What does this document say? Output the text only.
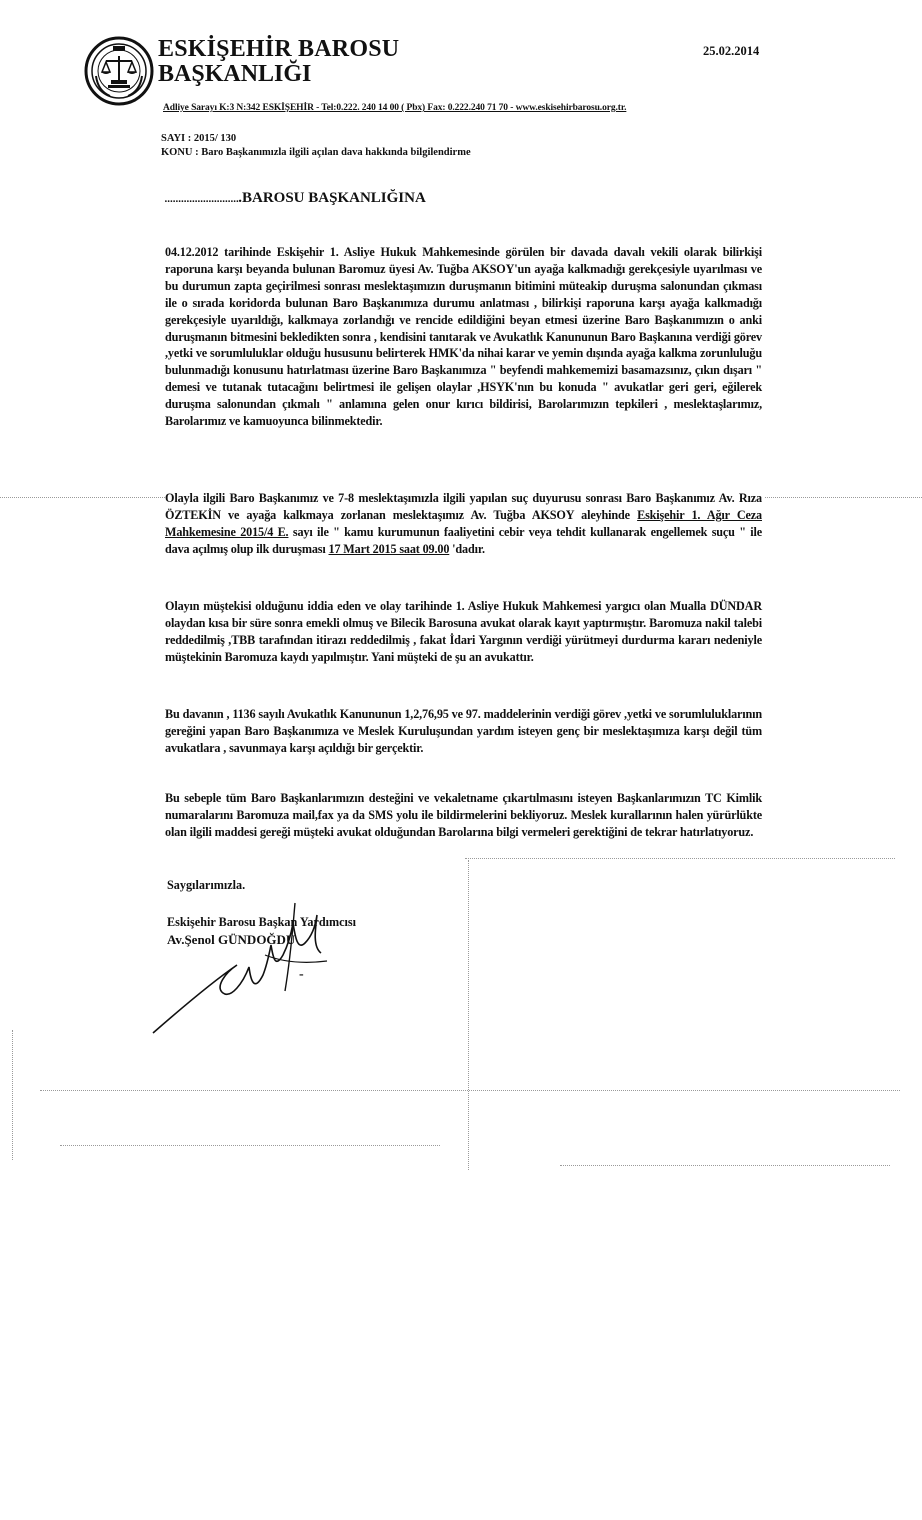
ESKİŞEHİR BAROSU
BAŞKANLIĞI
25.02.2014
Adliye Sarayı K:3 N:342 ESKİŞEHİR - Tel:0.222. 240 14 00 ( Pbx) Fax: 0.222.240 71 70 - www.eskisehirbarosu.org.tr.
SAYI : 2015/ 130
KONU : Baro Başkanımızla ilgili açılan dava hakkında bilgilendirme
............................BAROSU BAŞKANLIĞINA
04.12.2012 tarihinde Eskişehir 1. Asliye Hukuk Mahkemesinde görülen bir davada davalı vekili olarak bilirkişi raporuna karşı beyanda bulunan Baromuz üyesi Av. Tuğba AKSOY'un ayağa kalkmadığı gerekçesiyle uyarılması ve bu durumun zapta geçirilmesi sonrası meslektaşımızın duruşmanın bitimini müteakip duruşma salonundan çıkması ile o sırada koridorda bulunan Baro Başkanımıza durumu anlatması , bilirkişi raporuna karşı ayağa kalkmadığı gerekçesiyle uyarıldığı, kalkmaya zorlandığı ve rencide edildiğini beyan etmesi üzerine Baro Başkanımızın o anki duruşmanın bitmesini bekledikten sonra , kendisini tanıtarak ve Avukatlık Kanununun Baro Başkanına verdiği görev ,yetki ve sorumluluklar olduğu hususunu belirterek HMK'da nihai karar ve yemin dışında ayağa kalkma zorunluluğu bulunmadığı konusunu hatırlatması üzerine Baro Başkanımıza " beyfendi mahkememizi basamazsınız, çıkın dışarı " demesi ve tutanak tutacağını belirtmesi ile gelişen olaylar ,HSYK'nın bu konuda " avukatlar geri geri, eğilerek duruşma salonundan çıkmalı " anlamına gelen onur kırıcı bildirisi, Barolarımızın tepkileri , meslektaşlarımız, Barolarımız ve kamuoyunca bilinmektedir.
Olayla ilgili Baro Başkanımız ve 7-8 meslektaşımızla ilgili yapılan suç duyurusu sonrası Baro Başkanımız Av. Rıza ÖZTEKİN ve ayağa kalkmaya zorlanan meslektaşımız Av. Tuğba AKSOY aleyhinde Eskişehir 1. Ağır Ceza Mahkemesine 2015/4 E. sayı ile " kamu kurumunun faaliyetini cebir veya tehdit kullanarak engellemek suçu " ile dava açılmış olup ilk duruşması 17 Mart 2015 saat 09.00 'dadır.
Olayın müştekisi olduğunu iddia eden ve olay tarihinde 1. Asliye Hukuk Mahkemesi yargıcı olan Mualla DÜNDAR olaydan kısa bir süre sonra emekli olmuş ve Bilecik Barosuna avukat olarak kayıt yaptırmıştır. Baromuza nakil talebi reddedilmiş ,TBB tarafından itirazı reddedilmiş , fakat İdari Yargının verdiği yürütmeyi durdurma kararı nedeniyle müştekinin Baromuza kaydı yapılmıştır. Yani müşteki de şu an avukattır.
Bu davanın , 1136 sayılı Avukatlık Kanununun 1,2,76,95 ve 97. maddelerinin verdiği görev ,yetki ve sorumluluklarının gereğini yapan Baro Başkanımıza ve Meslek Kuruluşundan yardım isteyen genç bir meslektaşımıza karşı değil tüm avukatlara , savunmaya karşı açıldığı bir gerçektir.
Bu sebeple tüm Baro Başkanlarımızın desteğini ve vekaletname çıkartılmasını isteyen Başkanlarımızın TC Kimlik numaralarını Baromuza mail,fax ya da SMS yolu ile bildirmelerini bekliyoruz. Meslek kurallarının halen yürürlükte olan ilgili maddesi gereği müşteki avukat olduğundan Barolarına bilgi vermeleri gerektiğini de tekrar hatırlatıyoruz.
Saygılarımızla.
Eskişehir Barosu Başkan Yardımcısı
Av.Şenol GÜNDOĞDU
-
